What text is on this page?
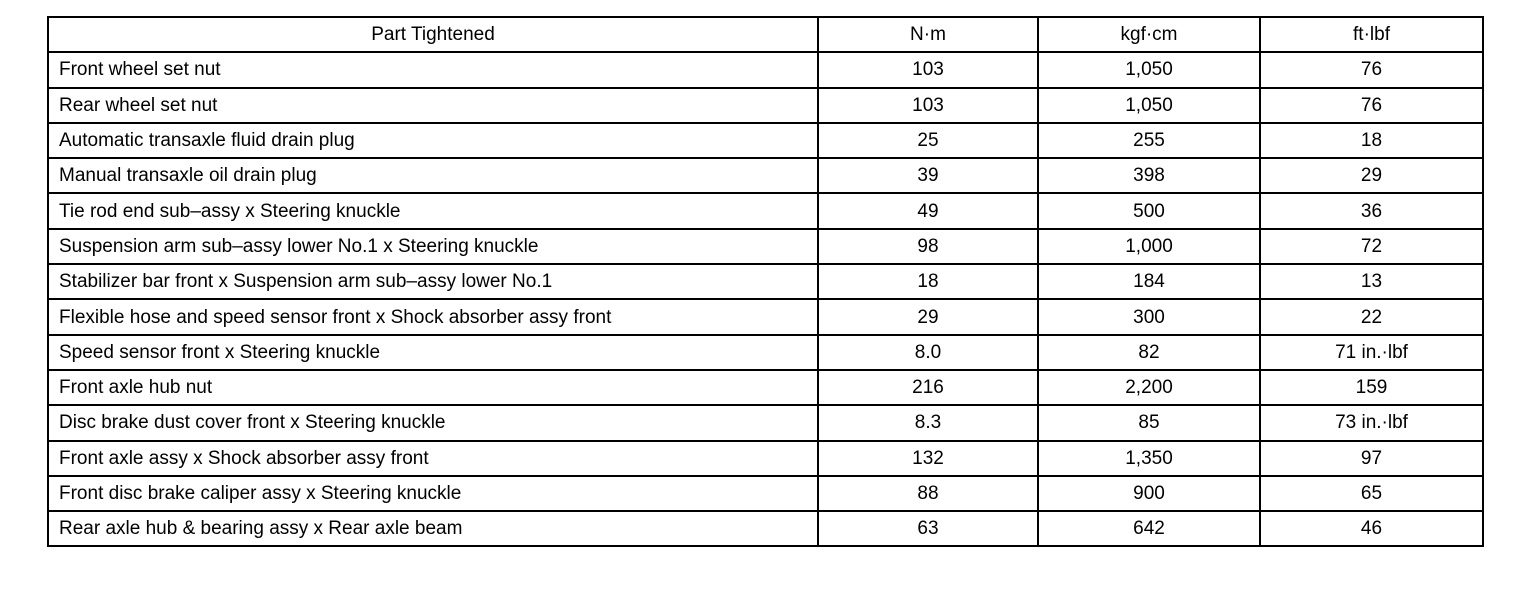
Part Tightened	N·m	kgf·cm	ft·lbf
Front wheel set nut	103	1,050	76
Rear wheel set nut	103	1,050	76
Automatic transaxle fluid drain plug	25	255	18
Manual transaxle oil drain plug	39	398	29
Tie rod end sub–assy x Steering knuckle	49	500	36
Suspension arm sub–assy lower No.1 x Steering knuckle	98	1,000	72
Stabilizer bar front x Suspension arm sub–assy lower No.1	18	184	13
Flexible hose and speed sensor front x Shock absorber assy front	29	300	22
Speed sensor front x Steering knuckle	8.0	82	71 in.·lbf
Front axle hub nut	216	2,200	159
Disc brake dust cover front x Steering knuckle	8.3	85	73 in.·lbf
Front axle assy x Shock absorber assy front	132	1,350	97
Front disc brake caliper assy x Steering knuckle	88	900	65
Rear axle hub & bearing assy x Rear axle beam	63	642	46
